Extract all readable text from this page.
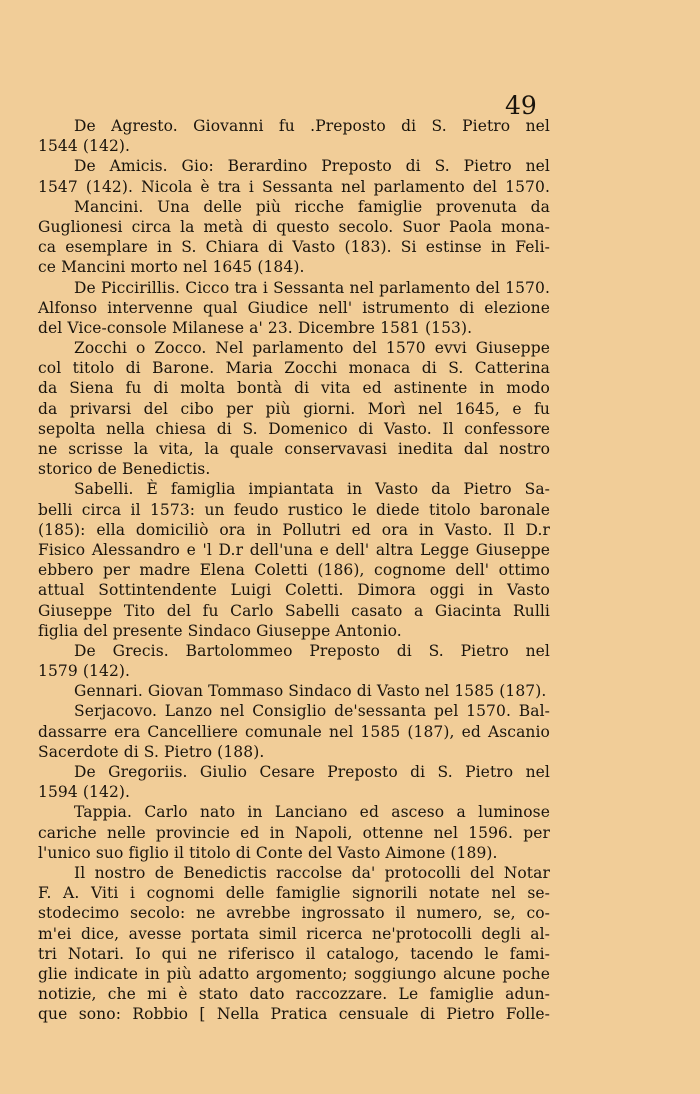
49
De Agresto. Giovanni fu .Preposto di S. Pietro nel
1544 (142).
De Amicis. Gio: Berardino Preposto di S. Pietro nel
1547 (142). Nicola è tra i Sessanta nel parlamento del 1570.
Mancini. Una delle più ricche famiglie provenuta da
Guglionesi circa la metà di questo secolo. Suor Paola mona-
ca esemplare in S. Chiara di Vasto (183). Si estinse in Feli-
ce Mancini morto nel 1645 (184).
De Piccirillis. Cicco tra i Sessanta nel parlamento del 1570.
Alfonso intervenne qual Giudice nell' istrumento di elezione
del Vice-console Milanese a' 23. Dicembre 1581 (153).
Zocchi o Zocco. Nel parlamento del 1570 evvi Giuseppe
col titolo di Barone. Maria Zocchi monaca di S. Catterina
da Siena fu di molta bontà di vita ed astinente in modo
da privarsi del cibo per più giorni. Morì nel 1645, e fu
sepolta nella chiesa di S. Domenico di Vasto. Il confessore
ne scrisse la vita, la quale conservavasi inedita dal nostro
storico de Benedictis.
Sabelli. È famiglia impiantata in Vasto da Pietro Sa-
belli circa il 1573: un feudo rustico le diede titolo baronale
(185): ella domiciliò ora in Pollutri ed ora in Vasto. Il D.r
Fisico Alessandro e 'l D.r dell'una e dell' altra Legge Giuseppe
ebbero per madre Elena Coletti (186), cognome dell' ottimo
attual Sottintendente Luigi Coletti. Dimora oggi in Vasto
Giuseppe Tito del fu Carlo Sabelli casato a Giacinta Rulli
figlia del presente Sindaco Giuseppe Antonio.
De Grecis. Bartolommeo Preposto di S. Pietro nel
1579 (142).
Gennari. Giovan Tommaso Sindaco di Vasto nel 1585 (187).
Serjacovo. Lanzo nel Consiglio de'sessanta pel 1570. Bal-
dassarre era Cancelliere comunale nel 1585 (187), ed Ascanio
Sacerdote di S. Pietro (188).
De Gregoriis. Giulio Cesare Preposto di S. Pietro nel
1594 (142).
Tappia. Carlo nato in Lanciano ed asceso a luminose
cariche nelle provincie ed in Napoli, ottenne nel 1596. per
l'unico suo figlio il titolo di Conte del Vasto Aimone (189).
Il nostro de Benedictis raccolse da' protocolli del Notar
F. A. Viti i cognomi delle famiglie signorili notate nel se-
stodecimo secolo: ne avrebbe ingrossato il numero, se, co-
m'ei dice, avesse portata simil ricerca ne'protocolli degli al-
tri Notari. Io qui ne riferisco il catalogo, tacendo le fami-
glie indicate in più adatto argomento; soggiungo alcune poche
notizie, che mi è stato dato raccozzare. Le famiglie adun-
que sono: Robbio [ Nella Pratica censuale di Pietro Folle-
